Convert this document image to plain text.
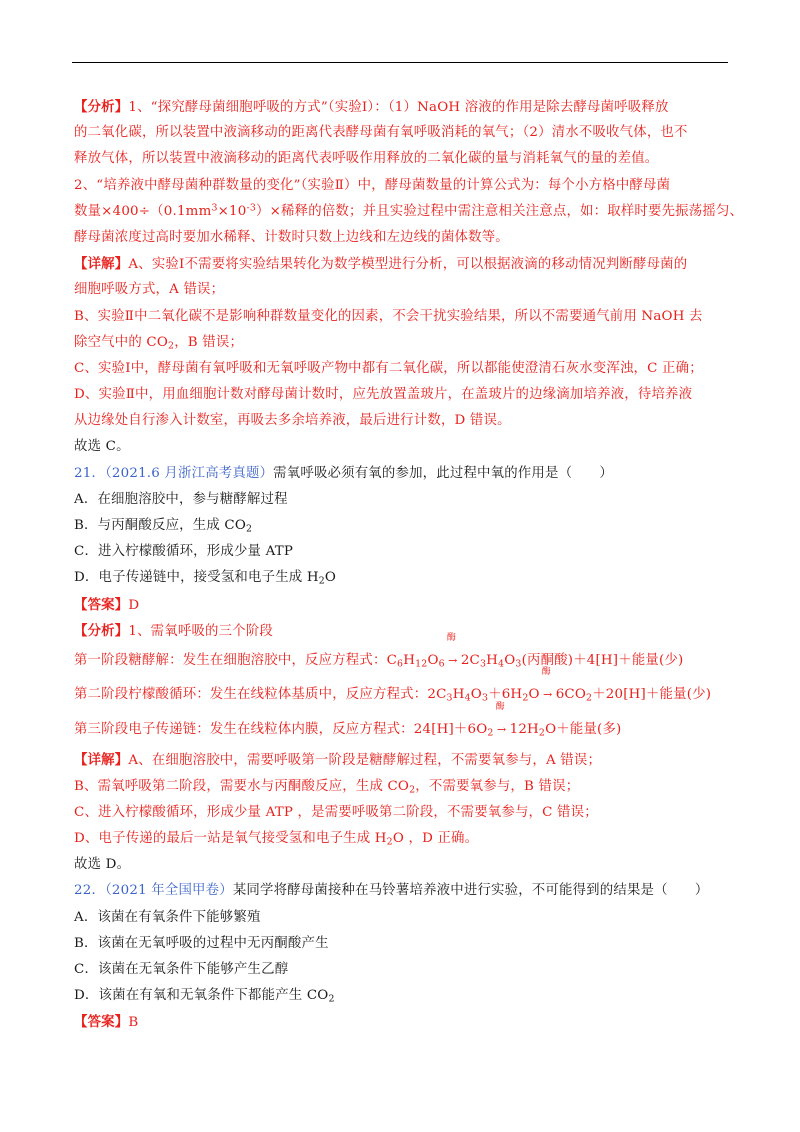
【分析】1、“探究酵母菌细胞呼吸的方式”（实验Ⅰ）：（1）NaOH 溶液的作用是除去酵母菌呼吸释放
的二氧化碳，所以装置中液滴移动的距离代表酵母菌有氧呼吸消耗的氧气；（2）清水不吸收气体，也不
释放气体，所以装置中液滴移动的距离代表呼吸作用释放的二氧化碳的量与消耗氧气的量的差值。
2、“培养液中酵母菌种群数量的变化”（实验Ⅱ）中，酵母菌数量的计算公式为：每个小方格中酵母菌
数量$\times 400\div(0.1mm^3\times 10^{-3})\times$稀释的倍数；并且实验过程中需注意相关注意点，如：取样时要先振荡摇匀、
酵母菌浓度过高时要加水稀释、计数时只数上边线和左边线的菌体数等。
【详解】A、实验Ⅰ不需要将实验结果转化为数学模型进行分析，可以根据液滴的移动情况判断酵母菌的
细胞呼吸方式，A 错误；
B、实验Ⅱ中二氧化碳不是影响种群数量变化的因素，不会干扰实验结果，所以不需要通气前用 NaOH 去
除空气中的 $CO_2$，B 错误；
C、实验Ⅰ中，酵母菌有氧呼吸和无氧呼吸产物中都有二氧化碳，所以都能使澄清石灰水变浑浊，C 正确；
D、实验Ⅱ中，用血细胞计数对酵母菌计数时，应先放置盖玻片，在盖玻片的边缘滴加培养液，待培养液
从边缘处自行渗入计数室，再吸去多余培养液，最后进行计数，D 错误。
故选 C。
21．（2021.6 月浙江高考真题）需氧呼吸必须有氧的参加，此过程中氧的作用是（　　）
A．在细胞溶胶中，参与糖酵解过程
B．与丙酮酸反应，生成 $CO_2$
C．进入柠檬酸循环，形成少量 ATP
D．电子传递链中，接受氢和电子生成 $H_2O$
【答案】D
【分析】1、需氧呼吸的三个阶段
第一阶段糖酵解：发生在细胞溶胶中，反应方程式：$C_6H_{12}O_6$
酶
→ $2C_3H_4O_3$(丙酮酸)＋4[H]＋能量(少)
第二阶段柠檬酸循环：发生在线粒体基质中，反应方程式：$2C_3H_4O_3+6H_2O$
酶
→ $6CO_2+20[H]+$能量(少)
第三阶段电子传递链：发生在线粒体内膜，反应方程式：$24[H]+6O_2$
酶
→ $12H_2O+$能量(多)
【详解】A、在细胞溶胶中，需要呼吸第一阶段是糖酵解过程，不需要氧参与，A 错误；
B、需氧呼吸第二阶段，需要水与丙酮酸反应，生成 $CO_2$，不需要氧参与，B 错误；
C、进入柠檬酸循环，形成少量 ATP ，是需要呼吸第二阶段，不需要氧参与，C 错误；
D、电子传递的最后一站是氧气接受氢和电子生成 $H_2O$ ，D 正确。
故选 D。
22．（2021 年全国甲卷）某同学将酵母菌接种在马铃薯培养液中进行实验，不可能得到的结果是（　　）
A．该菌在有氧条件下能够繁殖
B．该菌在无氧呼吸的过程中无丙酮酸产生
C．该菌在无氧条件下能够产生乙醇
D．该菌在有氧和无氧条件下都能产生 $CO_2$
【答案】B
